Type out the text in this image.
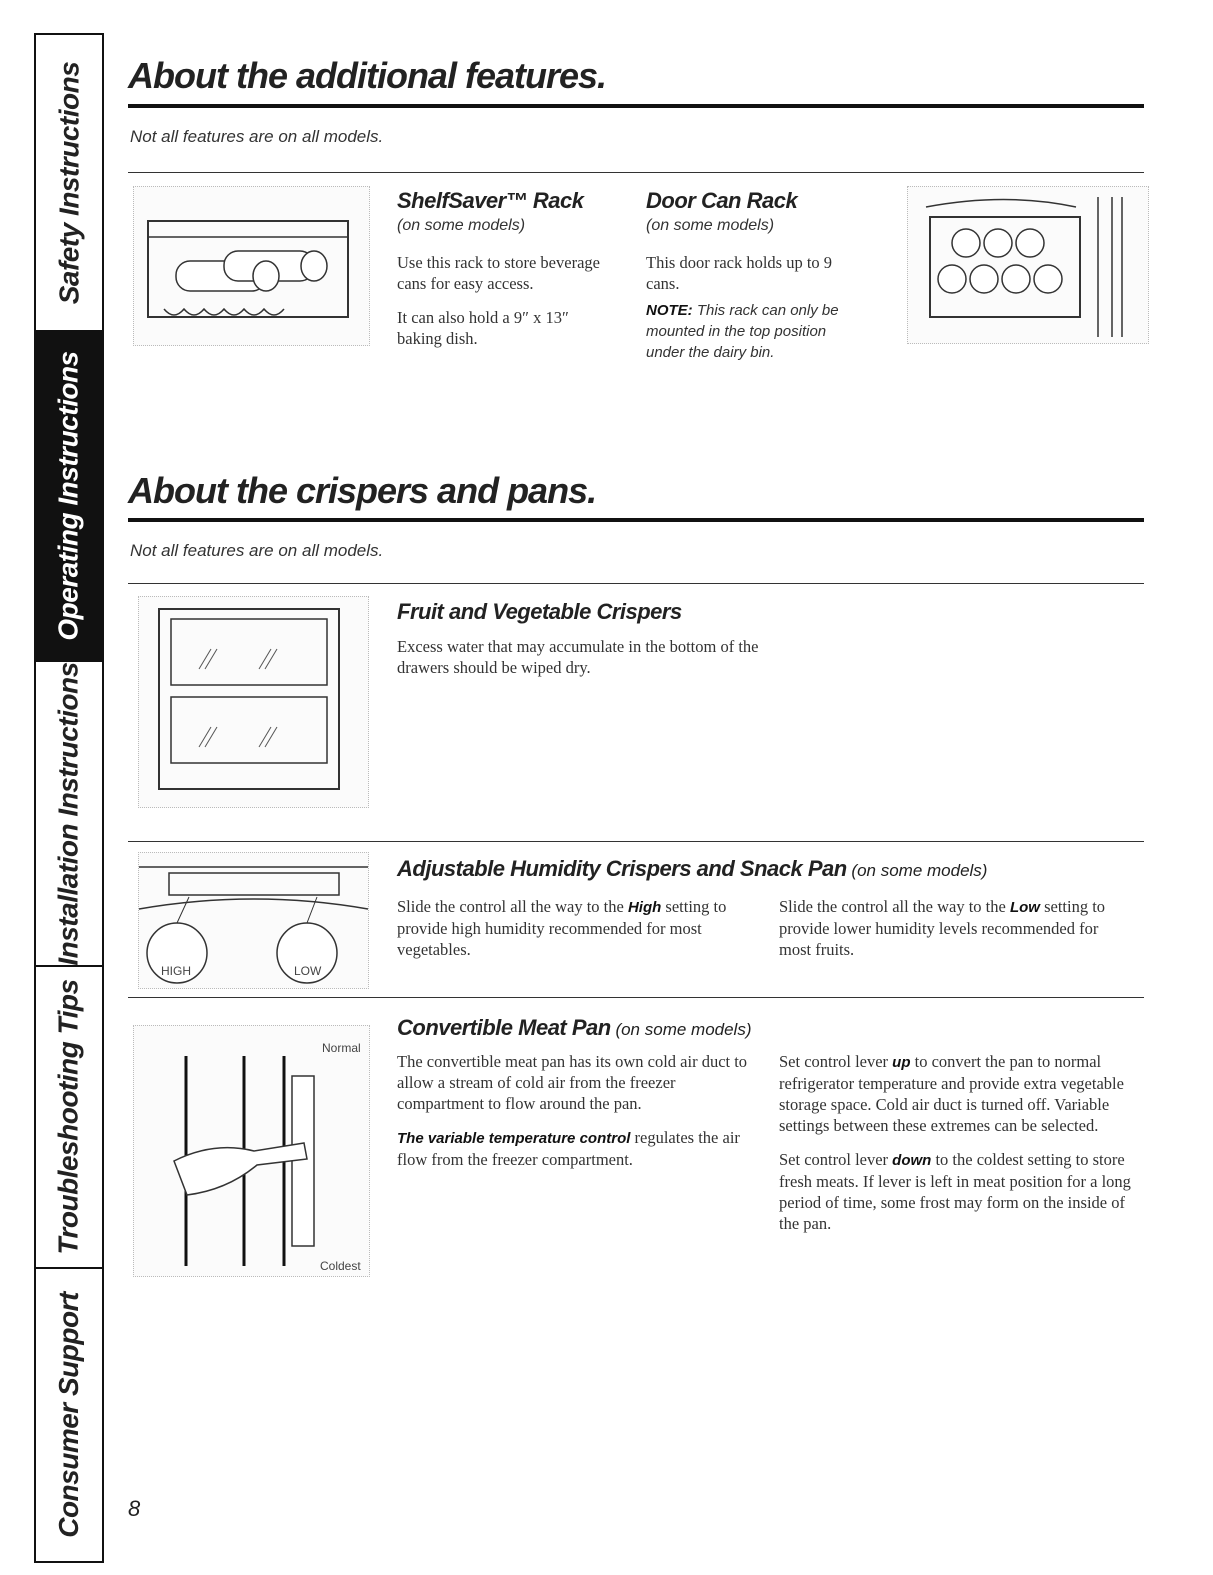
Safety Instructions
Operating Instructions
Installation Instructions
Troubleshooting Tips
Consumer Support
About the additional features.
Not all features are on all models.
ShelfSaver™ Rack
(on some models)

Use this rack to store beverage cans for easy access.

It can also hold a 9″ x 13″ baking dish.

Door Can Rack
(on some models)

This door rack holds up to 9 cans.

NOTE: This rack can only be mounted in the top position under the dairy bin.
About the crispers and pans.
Not all features are on all models.
Fruit and Vegetable Crispers

Excess water that may accumulate in the bottom of the drawers should be wiped dry.

HIGH	LOW
Adjustable Humidity Crispers and Snack Pan (on some models)

Slide the control all the way to the High setting to provide high humidity recommended for most vegetables.

Slide the control all the way to the Low setting to provide lower humidity levels recommended for most fruits.

Normal
Coldest
Convertible Meat Pan (on some models)

The convertible meat pan has its own cold air duct to allow a stream of cold air from the freezer compartment to flow around the pan.

The variable temperature control regulates the air flow from the freezer compartment.

Set control lever up to convert the pan to normal refrigerator temperature and provide extra vegetable storage space. Cold air duct is turned off. Variable settings between these extremes can be selected.

Set control lever down to the coldest setting to store fresh meats. If lever is left in meat position for a long period of time, some frost may form on the inside of the pan.

8
